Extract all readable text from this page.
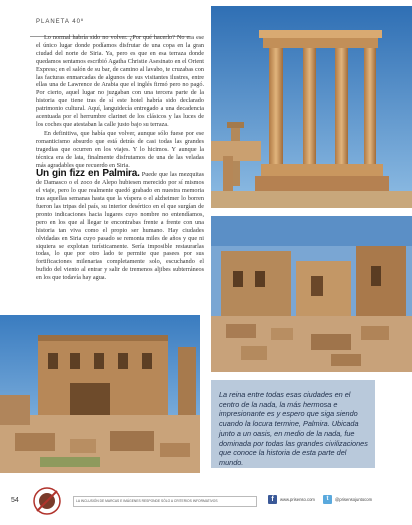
PLANETA 40º

Lo normal habría sido no volver. ¿Por qué hacerlo? No era ese el único lugar donde podíamos disfrutar de una copa en la gran ciudad del norte de Siria. Ya, pero es que en esa terraza donde quedamos sentamos escribió Agatha Christie Asesinato en el Orient Express; en el salón de su bar, de camino al lavabo, te cruzabas con las facturas enmarcadas de algunos de sus visitantes ilustres, entre ellas una de Lawrence de Arabia que el inglés firmó pero no pagó. Por cierto, aquel lugar no juzgaban con una tercera parte de la historia que tiene tras de sí este hotel habría sido declarado patrimonio cultural. Aquí, languidecía entregado a una decadencia acentuada por el herrumbre clarinet de los clásicos y las luces de los coches que atestaban la calle justo bajo su terraza.

En definitiva, que había que volver, aunque sólo fuese por ese romanticismo absurdo que está detrás de casi todas las grandes tragedias que ocurren en los viajes. Y lo hicimos. Y aunque la técnica era de lata, finalmente disfrutamos de una de las veladas más agradables que recuerdo en Siria.

Un gin fizz en Palmira. Puede que las mezquitas de Damasco o el zoco de Alepo hubiesen merecido por sí mismos el viaje, pero lo que realmente quedó grabado en nuestra memoria tras aquellas semanas hasta que la víspera o el alzheimer lo borren fueron las tripas del país, su interior desértico en el que surgían de pronto indicaciones hacia lugares cuyo nombre no entendíamos, pero en los que al llegar te encontrabas frente a frente con una historia tan viva como el propio ser humano. Hay ciudades olvidadas en Siria cuyo pasado se remonta miles de años y que ni siquiera se explotan turísticamente. Sería imposible restaurarlas todas, lo que por otro lado te permite que pasees por sus fortificaciones milenarias completamente solo, escuchando el bufido del viento al entrar y salir de tremenos aljibes subterráneos en los que todavía hay agua.

La reina entre todas esas ciudades en el centro de la nada, la más hermosa e impresionante es y espero que siga siendo cuando la locura termine, Palmira. Ubicada junto a un oasis, en medio de la nada, fue dominada por todas las grandes civilizaciones que conoce la historia de esta parte del mundo.
54	LA INCLUSIÓN DE MARCAS E IMÁGENES RESPONDE SÓLO A CRITERIOS INFORMATIVOS	f	www.prisenso.com	t	@prisensojuntocom
